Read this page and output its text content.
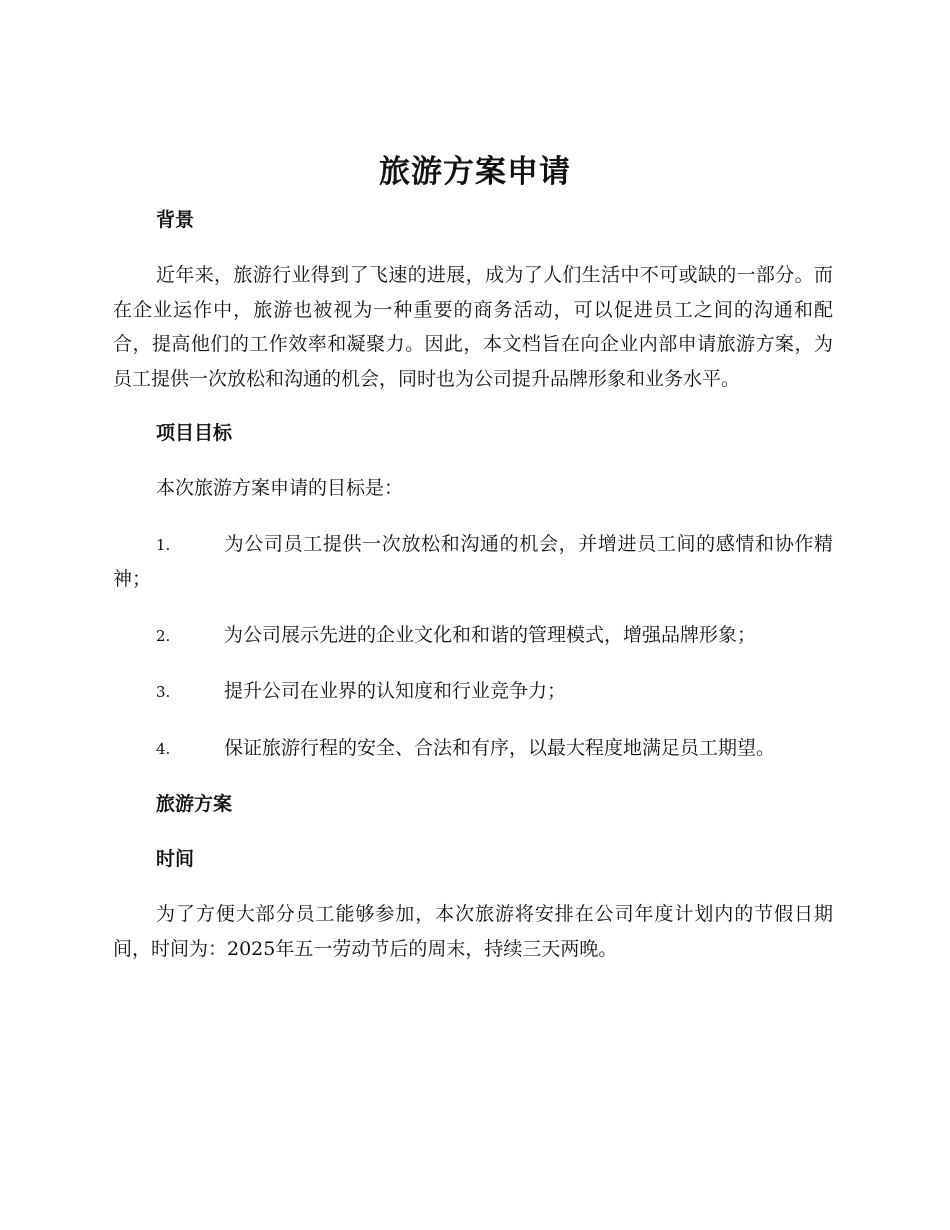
旅游方案申请

背景

近年来，旅游行业得到了飞速的进展，成为了人们生活中不可或缺的一部分。而在企业运作中，旅游也被视为一种重要的商务活动，可以促进员工之间的沟通和配合，提高他们的工作效率和凝聚力。因此，本文档旨在向企业内部申请旅游方案，为员工提供一次放松和沟通的机会，同时也为公司提升品牌形象和业务水平。

项目目标

本次旅游方案申请的目标是：

1.	为公司员工提供一次放松和沟通的机会，并增进员工间的感情和协作精神；

2.	为公司展示先进的企业文化和和谐的管理模式，增强品牌形象；

3.	提升公司在业界的认知度和行业竞争力；

4.	保证旅游行程的安全、合法和有序，以最大程度地满足员工期望。

旅游方案

时间

为了方便大部分员工能够参加，本次旅游将安排在公司年度计划内的节假日期间，时间为：2025年五一劳动节后的周末，持续三天两晚。
